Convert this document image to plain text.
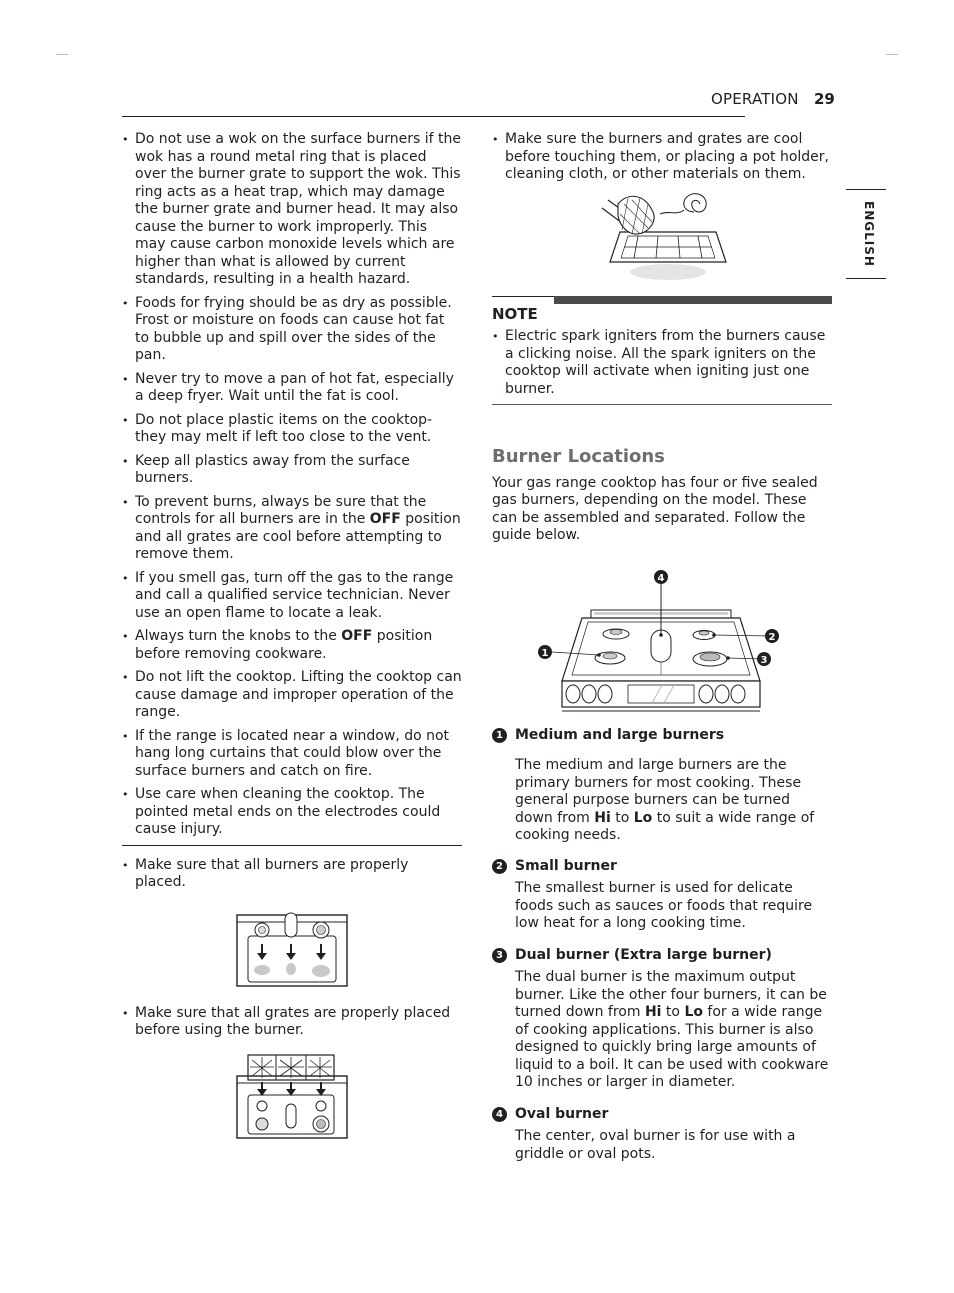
OPERATION 29
ENGLISH
• Do not use a wok on the surface burners if the wok has a round metal ring that is placed over the burner grate to support the wok. This ring acts as a heat trap, which may damage the burner grate and burner head. It may also cause the burner to work improperly. This may cause carbon monoxide levels which are higher than what is allowed by current standards, resulting in a health hazard.
• Foods for frying should be as dry as possible. Frost or moisture on foods can cause hot fat to bubble up and spill over the sides of the pan.
• Never try to move a pan of hot fat, especially a deep fryer. Wait until the fat is cool.
• Do not place plastic items on the cooktop- they may melt if left too close to the vent.
• Keep all plastics away from the surface burners.
• To prevent burns, always be sure that the controls for all burners are in the OFF position and all grates are cool before attempting to remove them.
• If you smell gas, turn off the gas to the range and call a qualified service technician. Never use an open flame to locate a leak.
• Always turn the knobs to the OFF position before removing cookware.
• Do not lift the cooktop. Lifting the cooktop can cause damage and improper operation of the range.
• If the range is located near a window, do not hang long curtains that could blow over the surface burners and catch on fire.
• Use care when cleaning the cooktop. The pointed metal ends on the electrodes could cause injury.
• Make sure that all burners are properly placed.
• Make sure that all grates are properly placed before using the burner.
• Make sure the burners and grates are cool before touching them, or placing a pot holder, cleaning cloth, or other materials on them.
NOTE
• Electric spark igniters from the burners cause a clicking noise. All the spark igniters on the cooktop will activate when igniting just one burner.
Burner Locations

Your gas range cooktop has four or five sealed gas burners, depending on the model. These can be assembled and separated. Follow the guide below.

4
2
1
3
1 Medium and large burners

The medium and large burners are the primary burners for most cooking. These general purpose burners can be turned down from Hi to Lo to suit a wide range of cooking needs.

2 Small burner

The smallest burner is used for delicate foods such as sauces or foods that require low heat for a long cooking time.

3 Dual burner (Extra large burner)

The dual burner is the maximum output burner. Like the other four burners, it can be turned down from Hi to Lo for a wide range of cooking applications. This burner is also designed to quickly bring large amounts of liquid to a boil. It can be used with cookware 10 inches or larger in diameter.

4 Oval burner

The center, oval burner is for use with a griddle or oval pots.
